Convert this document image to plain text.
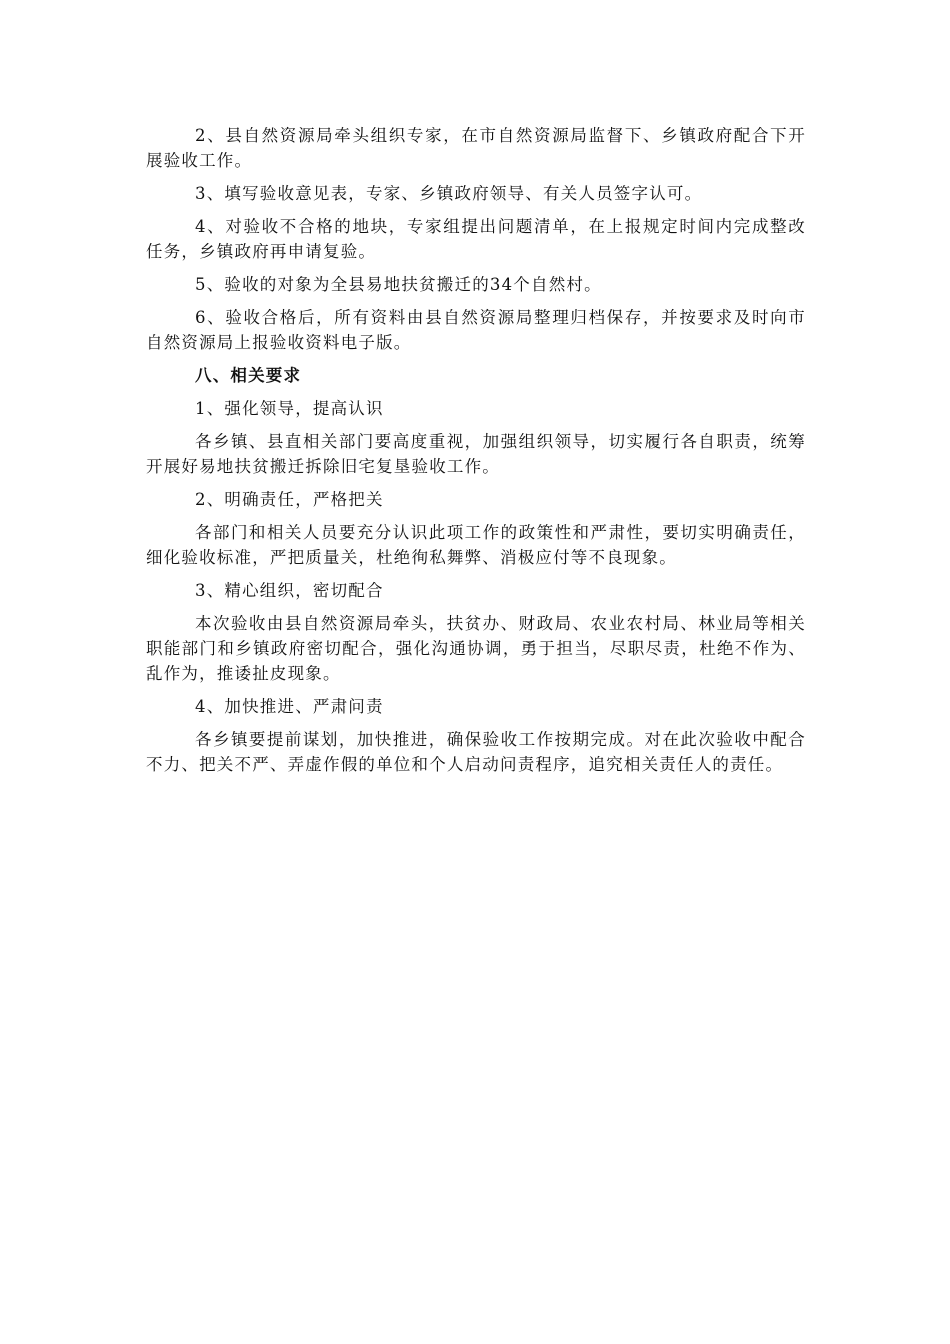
2、县自然资源局牵头组织专家，在市自然资源局监督下、乡镇政府配合下开展验收工作。

3、填写验收意见表，专家、乡镇政府领导、有关人员签字认可。

4、对验收不合格的地块，专家组提出问题清单，在上报规定时间内完成整改任务，乡镇政府再申请复验。

5、验收的对象为全县易地扶贫搬迁的34个自然村。

6、验收合格后，所有资料由县自然资源局整理归档保存，并按要求及时向市自然资源局上报验收资料电子版。

八、相关要求

1、强化领导，提高认识

各乡镇、县直相关部门要高度重视，加强组织领导，切实履行各自职责，统筹开展好易地扶贫搬迁拆除旧宅复垦验收工作。

2、明确责任，严格把关

各部门和相关人员要充分认识此项工作的政策性和严肃性，要切实明确责任，细化验收标准，严把质量关，杜绝徇私舞弊、消极应付等不良现象。

3、精心组织，密切配合

本次验收由县自然资源局牵头，扶贫办、财政局、农业农村局、林业局等相关职能部门和乡镇政府密切配合，强化沟通协调，勇于担当，尽职尽责，杜绝不作为、乱作为，推诿扯皮现象。

4、加快推进、严肃问责

各乡镇要提前谋划，加快推进，确保验收工作按期完成。对在此次验收中配合不力、把关不严、弄虚作假的单位和个人启动问责程序，追究相关责任人的责任。
